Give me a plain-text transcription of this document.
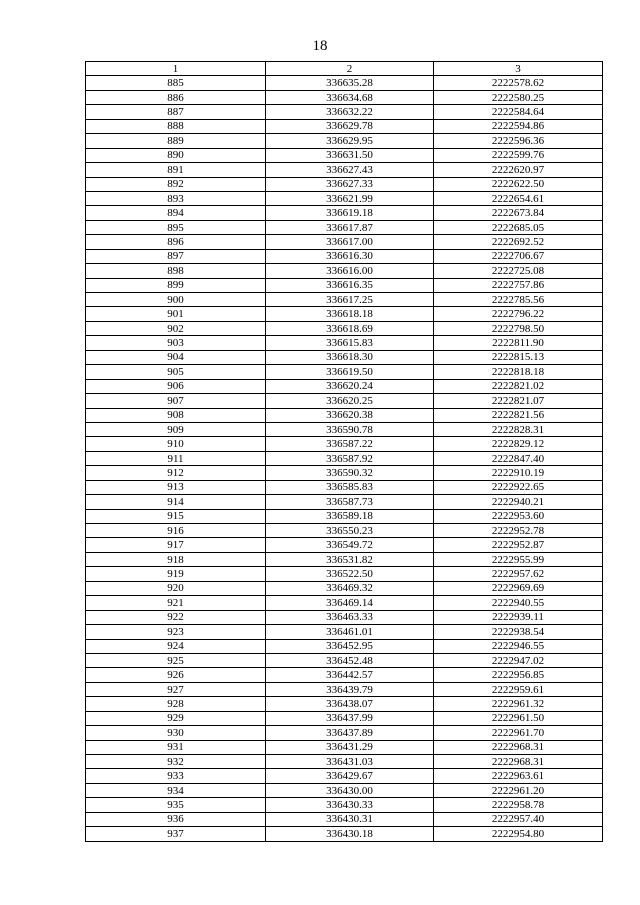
18
1	2	3
885	336635.28	2222578.62
886	336634.68	2222580.25
887	336632.22	2222584.64
888	336629.78	2222594.86
889	336629.95	2222596.36
890	336631.50	2222599.76
891	336627.43	2222620.97
892	336627.33	2222622.50
893	336621.99	2222654.61
894	336619.18	2222673.84
895	336617.87	2222685.05
896	336617.00	2222692.52
897	336616.30	2222706.67
898	336616.00	2222725.08
899	336616.35	2222757.86
900	336617.25	2222785.56
901	336618.18	2222796.22
902	336618.69	2222798.50
903	336615.83	2222811.90
904	336618.30	2222815.13
905	336619.50	2222818.18
906	336620.24	2222821.02
907	336620.25	2222821.07
908	336620.38	2222821.56
909	336590.78	2222828.31
910	336587.22	2222829.12
911	336587.92	2222847.40
912	336590.32	2222910.19
913	336585.83	2222922.65
914	336587.73	2222940.21
915	336589.18	2222953.60
916	336550.23	2222952.78
917	336549.72	2222952.87
918	336531.82	2222955.99
919	336522.50	2222957.62
920	336469.32	2222969.69
921	336469.14	2222940.55
922	336463.33	2222939.11
923	336461.01	2222938.54
924	336452.95	2222946.55
925	336452.48	2222947.02
926	336442.57	2222956.85
927	336439.79	2222959.61
928	336438.07	2222961.32
929	336437.99	2222961.50
930	336437.89	2222961.70
931	336431.29	2222968.31
932	336431.03	2222968.31
933	336429.67	2222963.61
934	336430.00	2222961.20
935	336430.33	2222958.78
936	336430.31	2222957.40
937	336430.18	2222954.80
